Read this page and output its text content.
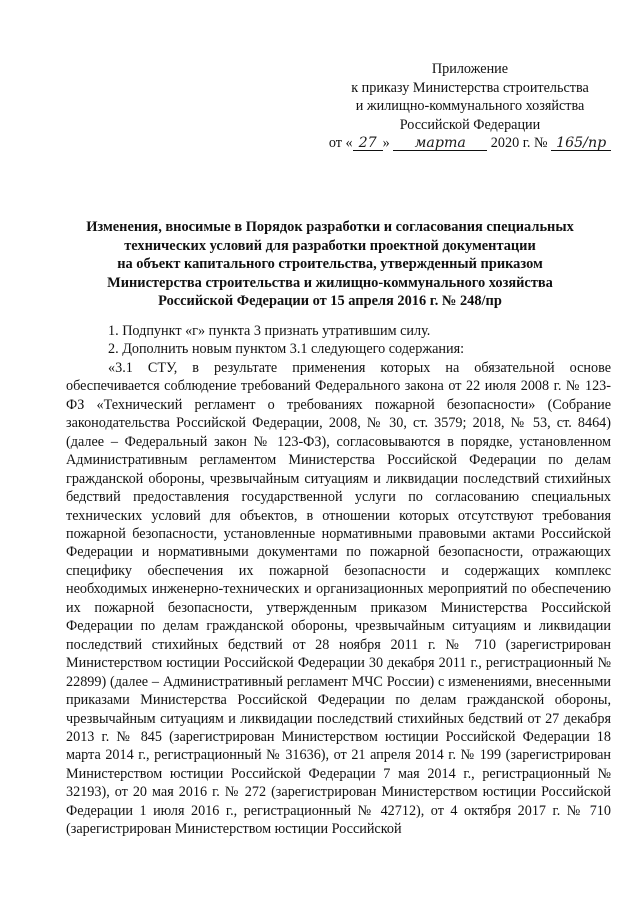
Приложение
к приказу Министерства строительства
и жилищно-коммунального хозяйства
Российской Федерации
от « 27 » марта 2020 г. № 165/пр
Изменения, вносимые в Порядок разработки и согласования специальных
технических условий для разработки проектной документации
на объект капитального строительства, утвержденный приказом
Министерства строительства и жилищно-коммунального хозяйства
Российской Федерации от 15 апреля 2016 г. № 248/пр

1. Подпункт «г» пункта 3 признать утратившим силу.

2. Дополнить новым пунктом 3.1 следующего содержания:

«3.1 СТУ, в результате применения которых на обязательной основе обеспечивается соблюдение требований Федерального закона от 22 июля 2008 г. № 123-ФЗ «Технический регламент о требованиях пожарной безопасности» (Собрание законодательства Российской Федерации, 2008, № 30, ст. 3579; 2018, № 53, ст. 8464) (далее – Федеральный закон № 123-ФЗ), согласовываются в порядке, установленном Административным регламентом Министерства Российской Федерации по делам гражданской обороны, чрезвычайным ситуациям и ликвидации последствий стихийных бедствий предоставления государственной услуги по согласованию специальных технических условий для объектов, в отношении которых отсутствуют требования пожарной безопасности, установленные нормативными правовыми актами Российской Федерации и нормативными документами по пожарной безопасности, отражающих специфику обеспечения их пожарной безопасности и содержащих комплекс необходимых инженерно-технических и организационных мероприятий по обеспечению их пожарной безопасности, утвержденным приказом Министерства Российской Федерации по делам гражданской обороны, чрезвычайным ситуациям и ликвидации последствий стихийных бедствий от 28 ноября 2011 г. № 710 (зарегистрирован Министерством юстиции Российской Федерации 30 декабря 2011 г., регистрационный № 22899) (далее – Административный регламент МЧС России) с изменениями, внесенными приказами Министерства Российской Федерации по делам гражданской обороны, чрезвычайным ситуациям и ликвидации последствий стихийных бедствий от 27 декабря 2013 г. № 845 (зарегистрирован Министерством юстиции Российской Федерации 18 марта 2014 г., регистрационный № 31636), от 21 апреля 2014 г. № 199 (зарегистрирован Министерством юстиции Российской Федерации 7 мая 2014 г., регистрационный № 32193), от 20 мая 2016 г. № 272 (зарегистрирован Министерством юстиции Российской Федерации 1 июля 2016 г., регистрационный № 42712), от 4 октября 2017 г. № 710 (зарегистрирован Министерством юстиции Российской
